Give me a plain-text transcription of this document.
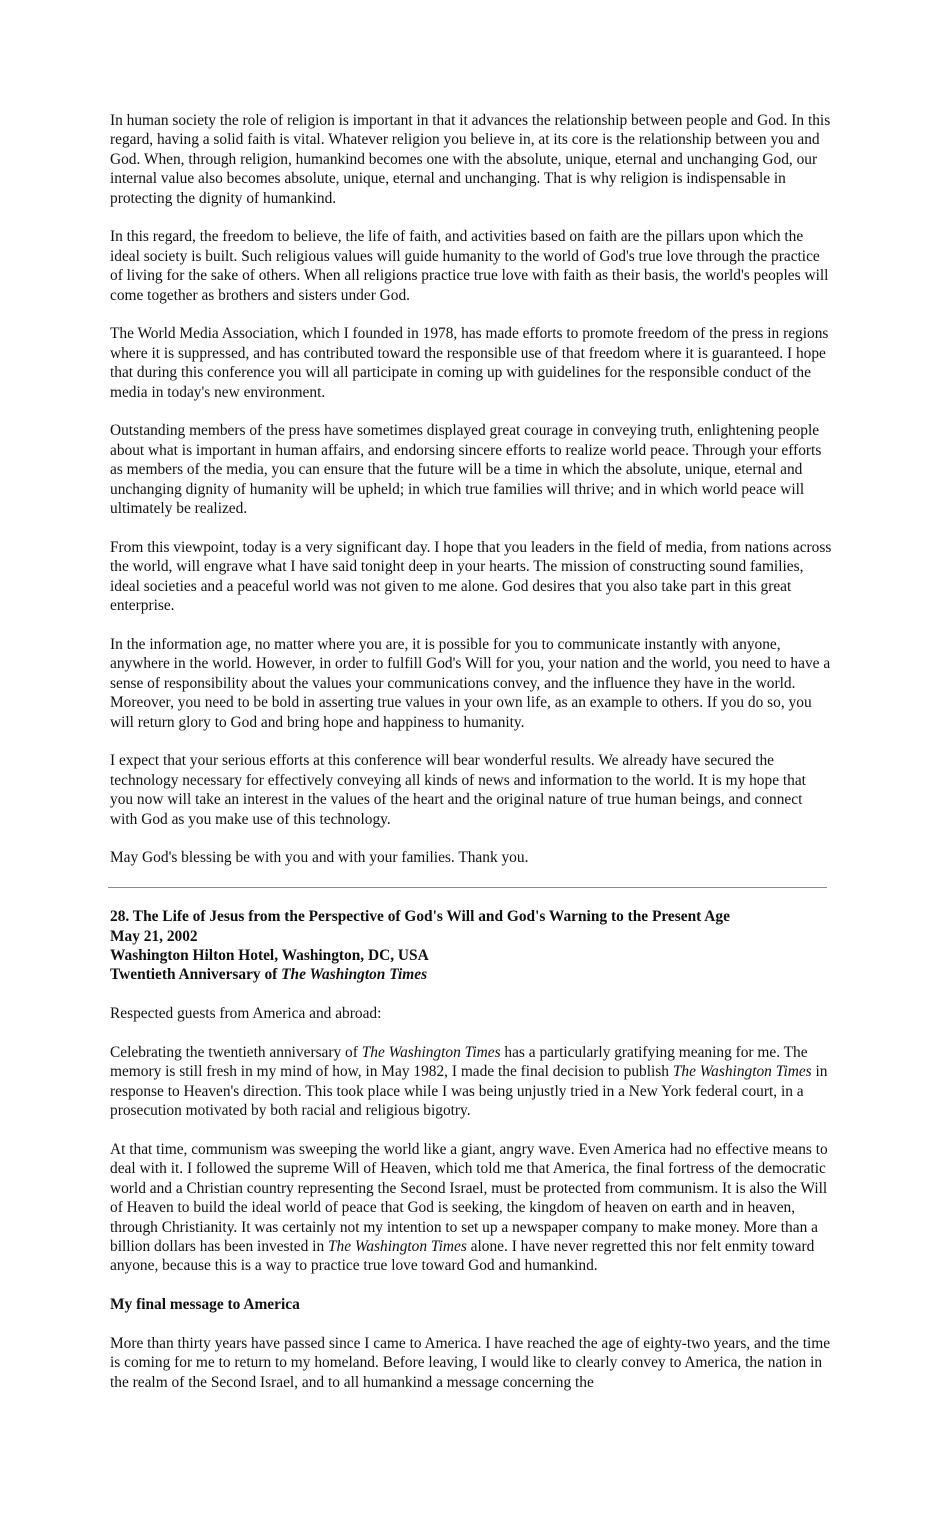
In human society the role of religion is important in that it advances the relationship between people and God. In this regard, having a solid faith is vital. Whatever religion you believe in, at its core is the relationship between you and God. When, through religion, humankind becomes one with the absolute, unique, eternal and unchanging God, our internal value also becomes absolute, unique, eternal and unchanging. That is why religion is indispensable in protecting the dignity of humankind.

In this regard, the freedom to believe, the life of faith, and activities based on faith are the pillars upon which the ideal society is built. Such religious values will guide humanity to the world of God's true love through the practice of living for the sake of others. When all religions practice true love with faith as their basis, the world's peoples will come together as brothers and sisters under God.

The World Media Association, which I founded in 1978, has made efforts to promote freedom of the press in regions where it is suppressed, and has contributed toward the responsible use of that freedom where it is guaranteed. I hope that during this conference you will all participate in coming up with guidelines for the responsible conduct of the media in today's new environment.

Outstanding members of the press have sometimes displayed great courage in conveying truth, enlightening people about what is important in human affairs, and endorsing sincere efforts to realize world peace. Through your efforts as members of the media, you can ensure that the future will be a time in which the absolute, unique, eternal and unchanging dignity of humanity will be upheld; in which true families will thrive; and in which world peace will ultimately be realized.

From this viewpoint, today is a very significant day. I hope that you leaders in the field of media, from nations across the world, will engrave what I have said tonight deep in your hearts. The mission of constructing sound families, ideal societies and a peaceful world was not given to me alone. God desires that you also take part in this great enterprise.

In the information age, no matter where you are, it is possible for you to communicate instantly with anyone, anywhere in the world. However, in order to fulfill God's Will for you, your nation and the world, you need to have a sense of responsibility about the values your communications convey, and the influence they have in the world. Moreover, you need to be bold in asserting true values in your own life, as an example to others. If you do so, you will return glory to God and bring hope and happiness to humanity.

I expect that your serious efforts at this conference will bear wonderful results. We already have secured the technology necessary for effectively conveying all kinds of news and information to the world. It is my hope that you now will take an interest in the values of the heart and the original nature of true human beings, and connect with God as you make use of this technology.

May God's blessing be with you and with your families. Thank you.

28. The Life of Jesus from the Perspective of God's Will and God's Warning to the Present Age
May 21, 2002
Washington Hilton Hotel, Washington, DC, USA
Twentieth Anniversary of The Washington Times

Respected guests from America and abroad:

Celebrating the twentieth anniversary of The Washington Times has a particularly gratifying meaning for me. The memory is still fresh in my mind of how, in May 1982, I made the final decision to publish The Washington Times in response to Heaven's direction. This took place while I was being unjustly tried in a New York federal court, in a prosecution motivated by both racial and religious bigotry.

At that time, communism was sweeping the world like a giant, angry wave. Even America had no effective means to deal with it. I followed the supreme Will of Heaven, which told me that America, the final fortress of the democratic world and a Christian country representing the Second Israel, must be protected from communism. It is also the Will of Heaven to build the ideal world of peace that God is seeking, the kingdom of heaven on earth and in heaven, through Christianity. It was certainly not my intention to set up a newspaper company to make money. More than a billion dollars has been invested in The Washington Times alone. I have never regretted this nor felt enmity toward anyone, because this is a way to practice true love toward God and humankind.

My final message to America

More than thirty years have passed since I came to America. I have reached the age of eighty-two years, and the time is coming for me to return to my homeland. Before leaving, I would like to clearly convey to America, the nation in the realm of the Second Israel, and to all humankind a message concerning the
